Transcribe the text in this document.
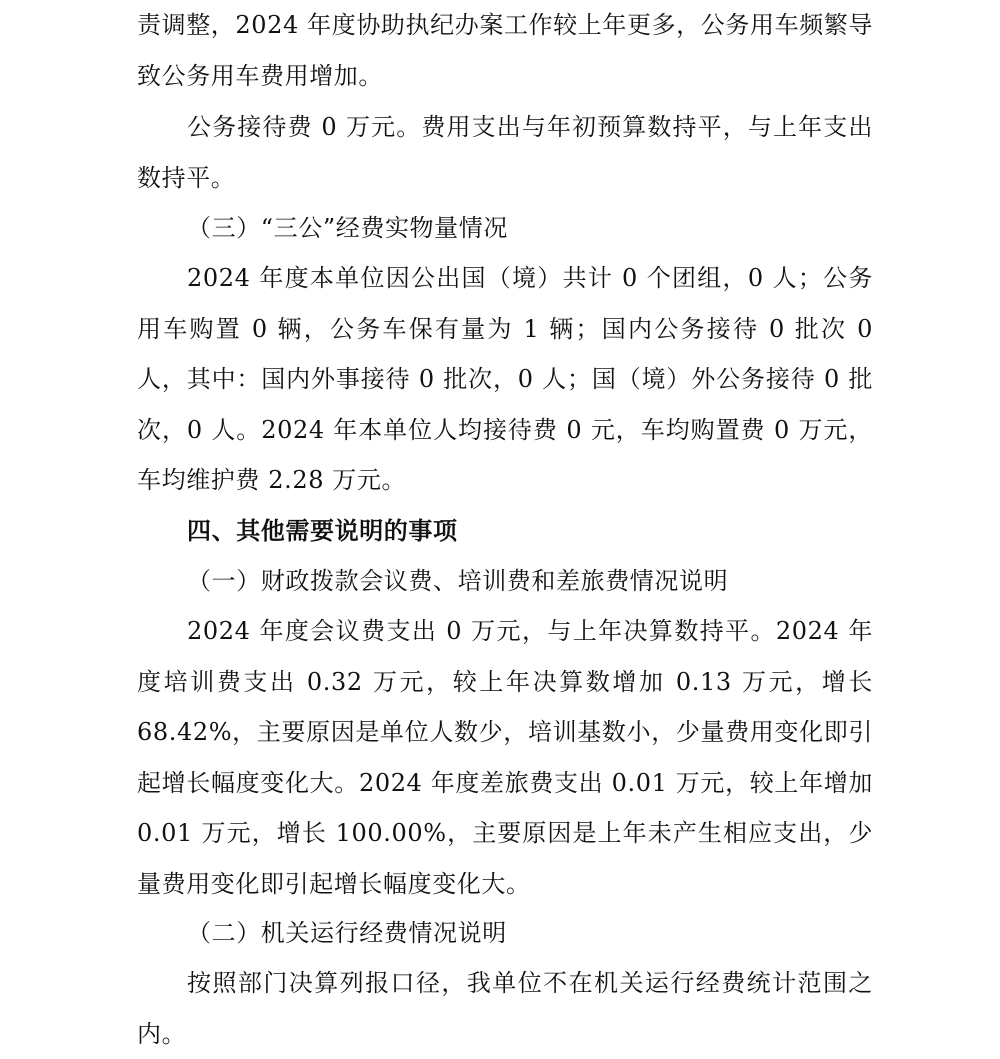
责调整，2024 年度协助执纪办案工作较上年更多，公务用车频繁导致公务用车费用增加。

公务接待费 0 万元。费用支出与年初预算数持平，与上年支出数持平。

（三）“三公”经费实物量情况

2024 年度本单位因公出国（境）共计 0 个团组，0 人；公务用车购置 0 辆，公务车保有量为 1 辆；国内公务接待 0 批次 0 人，其中：国内外事接待 0 批次，0 人；国（境）外公务接待 0 批次，0 人。2024 年本单位人均接待费 0 元，车均购置费 0 万元，车均维护费 2.28 万元。

四、其他需要说明的事项

（一）财政拨款会议费、培训费和差旅费情况说明

2024 年度会议费支出 0 万元，与上年决算数持平。2024 年度培训费支出 0.32 万元，较上年决算数增加 0.13 万元，增长 68.42%，主要原因是单位人数少，培训基数小，少量费用变化即引起增长幅度变化大。2024 年度差旅费支出 0.01 万元，较上年增加 0.01 万元，增长 100.00%，主要原因是上年未产生相应支出，少量费用变化即引起增长幅度变化大。

（二）机关运行经费情况说明

按照部门决算列报口径，我单位不在机关运行经费统计范围之内。
